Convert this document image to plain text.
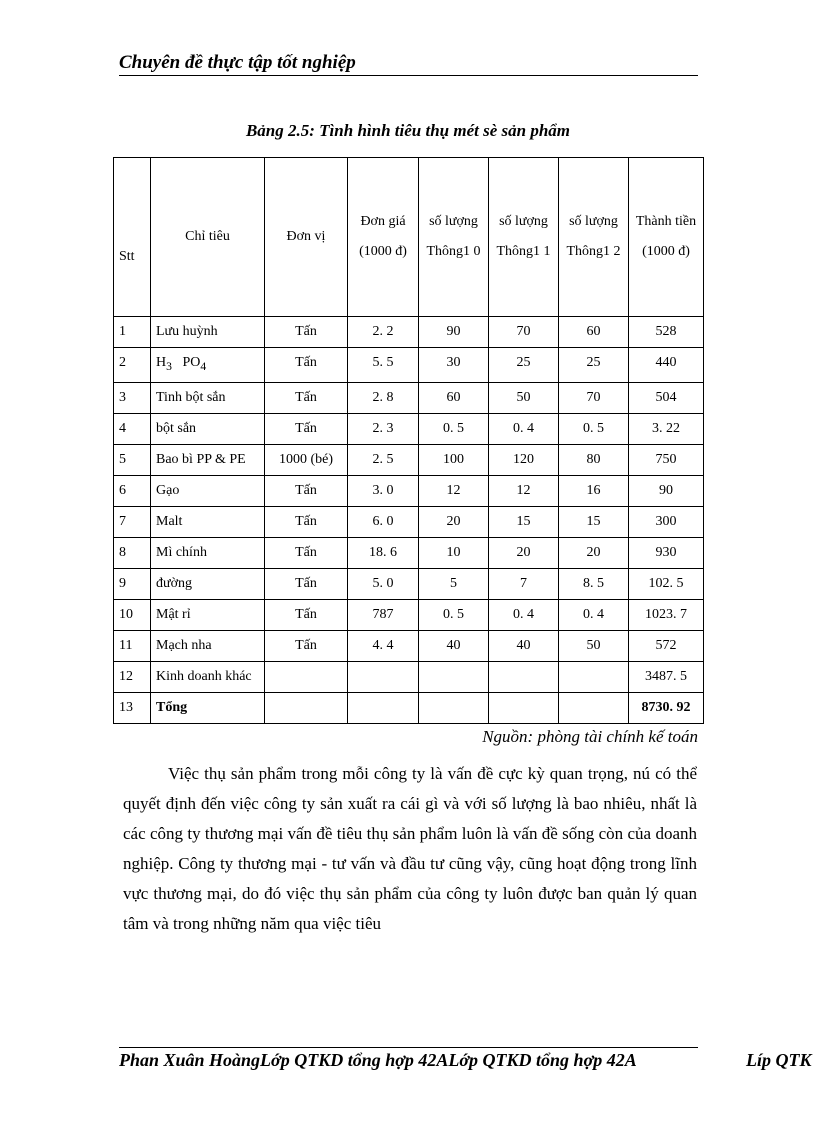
Chuyên đề thực tập tốt nghiệp
Bảng 2.5: Tình hình tiêu thụ mét sè sản phẩm
Stt	Chỉ tiêu	Đơn vị	Đơn giá (1000 đ)	số lượng Thông1 0	số lượng Thông1 1	số lượng Thông1 2	Thành tiền (1000 đ)
1	Lưu huỳnh	Tấn	2. 2	90	70	60	528
2	$H_3$   $PO_4$	Tấn	5. 5	30	25	25	440
3	Tinh bột sắn	Tấn	2. 8	60	50	70	504
4	bột sắn	Tấn	2. 3	0. 5	0. 4	0. 5	3. 22
5	Bao bì PP & PE	1000 (bé)	2. 5	100	120	80	750
6	Gạo	Tấn	3. 0	12	12	16	90
7	Malt	Tấn	6. 0	20	15	15	300
8	Mì chính	Tấn	18. 6	10	20	20	930
9	đường	Tấn	5. 0	5	7	8. 5	102. 5
10	Mật rỉ	Tấn	787	0. 5	0. 4	0. 4	1023. 7
11	Mạch nha	Tấn	4. 4	40	40	50	572
12	Kinh doanh khác						3487. 5
13	Tổng						8730. 92
Nguồn: phòng tài chính kế toán

Việc thụ sản phẩm trong mỗi công ty là vấn đề cực kỳ quan trọng, nú có thể quyết định đến việc công ty sản xuất ra cái gì và với số lượng là bao nhiêu, nhất là các công ty thương mại vấn đề tiêu thụ sản phẩm luôn là vấn đề sống còn của doanh nghiệp. Công ty thương mại - tư vấn và đầu tư cũng vậy, cũng hoạt động trong lĩnh vực thương mại, do đó việc thụ sản phẩm của công ty luôn được ban quản lý quan tâm và trong những năm qua việc tiêu

Phan Xuân HoàngLớp QTKD tổng hợp 42ALớp QTKD tổng hợp 42A	Líp QTK
